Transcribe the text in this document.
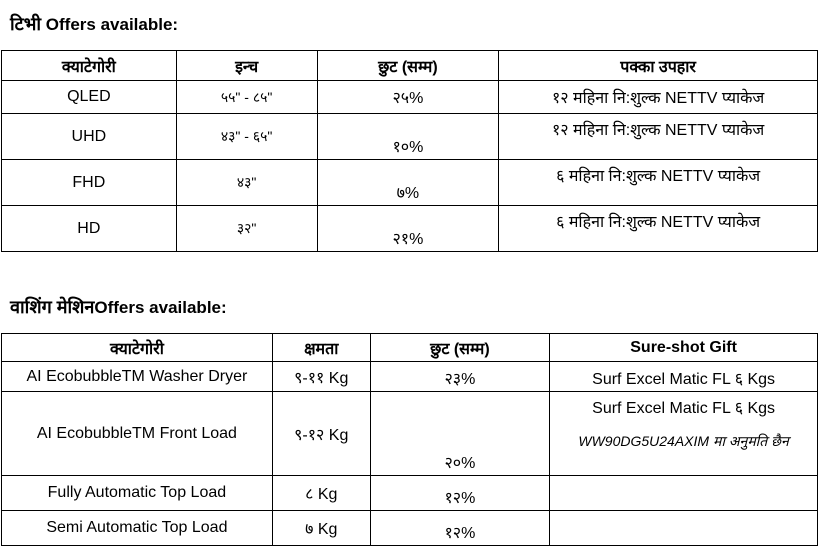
टिभी Offers available:
क्याटेगोरी	इन्च	छुट (सम्म)	पक्का उपहार
QLED	५५" - ८५"	२५%	१२ महिना नि:शुल्क NETTV प्याकेज
UHD	४३" - ६५"	१०%	१२ महिना नि:शुल्क NETTV प्याकेज
FHD	४३"	७%	६ महिना नि:शुल्क NETTV प्याकेज
HD	३२"	२१%	६ महिना नि:शुल्क NETTV प्याकेज
वाशिंग मेशिनOffers available:
क्याटेगोरी	क्षमता	छुट (सम्म)	Sure-shot Gift
AI EcobubbleTM Washer Dryer	९-११ Kg	२३%	Surf Excel Matic FL ६ Kgs
AI EcobubbleTM Front Load	९-१२ Kg	२०%	Surf Excel Matic FL ६ Kgs
WW90DG5U24AXIM मा अनुमति छैन

Fully Automatic Top Load	८ Kg	१२%	
Semi Automatic Top Load	७ Kg	१२%	
